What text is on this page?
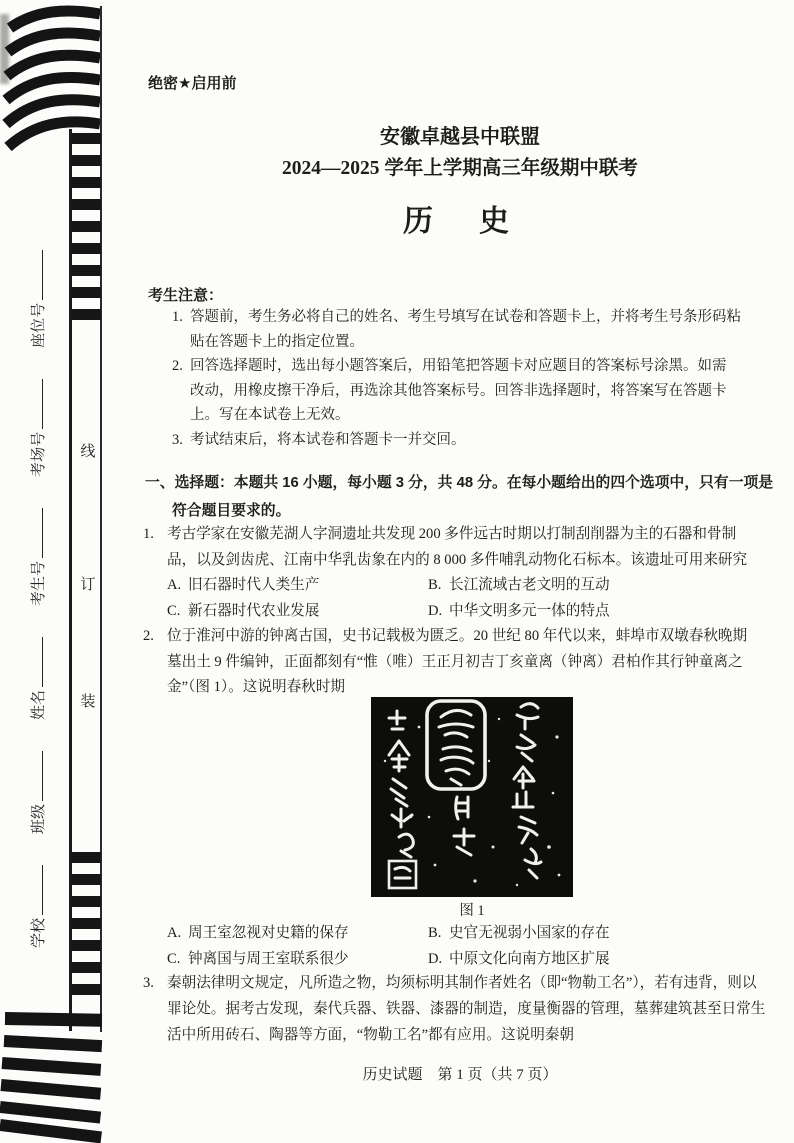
学校
班级
姓名
考生号
考场号
座位号
线
订
装
绝密★启用前
安徽卓越县中联盟
2024—2025 学年上学期高三年级期中联考
历　史
考生注意：
1. 答题前，考生务必将自己的姓名、考生号填写在试卷和答题卡上，并将考生号条形码粘
贴在答题卡上的指定位置。
2. 回答选择题时，选出每小题答案后，用铅笔把答题卡对应题目的答案标号涂黑。如需
改动，用橡皮擦干净后，再选涂其他答案标号。回答非选择题时，将答案写在答题卡
上。写在本试卷上无效。
3. 考试结束后，将本试卷和答题卡一并交回。
一、选择题：本题共 16 小题，每小题 3 分，共 48 分。在每小题给出的四个选项中，只有一项是
符合题目要求的。
1. 考古学家在安徽芜湖人字洞遗址共发现 200 多件远古时期以打制刮削器为主的石器和骨制
品，以及剑齿虎、江南中华乳齿象在内的 8 000 多件哺乳动物化石标本。该遗址可用来研究
A. 旧石器时代人类生产	B. 长江流域古老文明的互动
C. 新石器时代农业发展	D. 中华文明多元一体的特点
2. 位于淮河中游的钟离古国，史书记载极为匮乏。20 世纪 80 年代以来，蚌埠市双墩春秋晚期
墓出土 9 件编钟，正面都刻有“惟（唯）王正月初吉丁亥童离（钟离）君柏作其行钟童离之
金”（图 1）。这说明春秋时期
图 1
A. 周王室忽视对史籍的保存	B. 史官无视弱小国家的存在
C. 钟离国与周王室联系很少	D. 中原文化向南方地区扩展
3. 秦朝法律明文规定，凡所造之物，均须标明其制作者姓名（即“物勒工名”），若有违背，则以
罪论处。据考古发现，秦代兵器、铁器、漆器的制造，度量衡器的管理，墓葬建筑甚至日常生
活中所用砖石、陶器等方面，“物勒工名”都有应用。这说明秦朝
历史试题　第 1 页（共 7 页）
